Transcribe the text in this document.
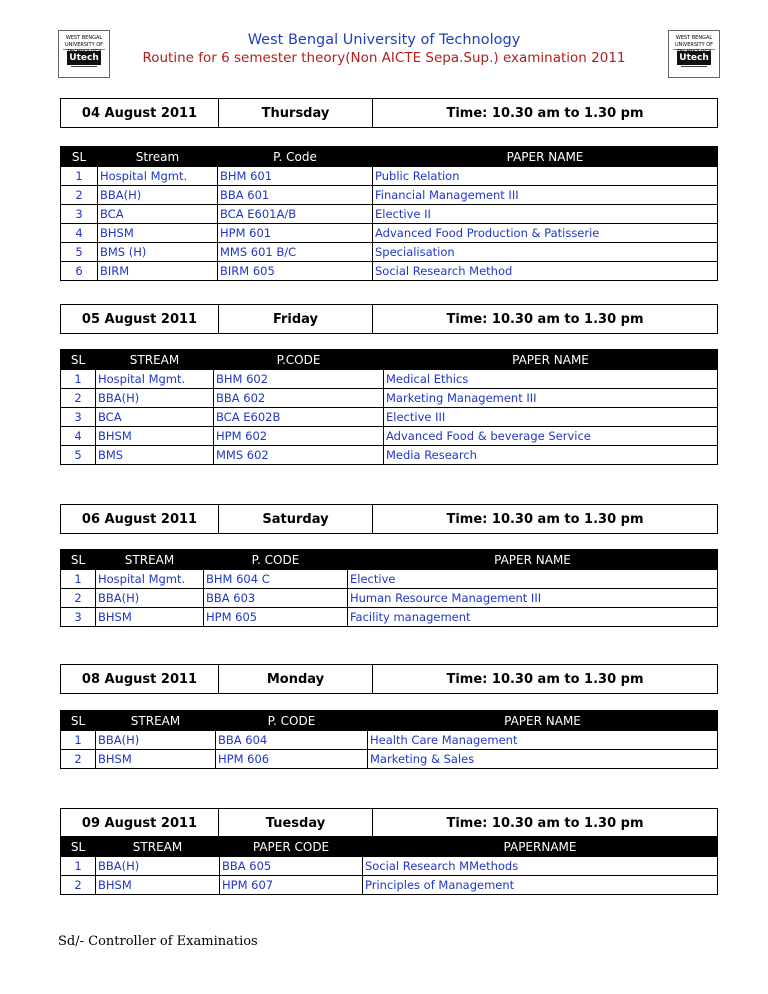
WEST BENGAL UNIVERSITY OF
Utech
WEST BENGAL UNIVERSITY OF
Utech
West Bengal University of Technology
Routine for 6 semester theory(Non AICTE Sepa.Sup.) examination 2011
04 August 2011	Thursday	Time: 10.30 am to 1.30 pm
SL	Stream	P. Code	PAPER NAME
1	Hospital Mgmt.	BHM 601	Public Relation
2	BBA(H)	BBA 601	Financial Management III
3	BCA	BCA E601A/B	Elective II
4	BHSM	HPM 601	Advanced Food Production & Patisserie
5	BMS (H)	MMS 601 B/C	Specialisation
6	BIRM	BIRM 605	Social Research Method
05 August 2011	Friday	Time: 10.30 am to 1.30 pm
SL	STREAM	P.CODE	PAPER NAME
1	Hospital Mgmt.	BHM 602	Medical Ethics
2	BBA(H)	BBA 602	Marketing Management III
3	BCA	BCA E602B	Elective III
4	BHSM	HPM 602	Advanced Food & beverage Service
5	BMS	MMS 602	Media Research
06 August 2011	Saturday	Time: 10.30 am to 1.30 pm
SL	STREAM	P. CODE	PAPER NAME
1	Hospital Mgmt.	BHM 604 C	Elective
2	BBA(H)	BBA 603	Human Resource Management III
3	BHSM	HPM 605	Facility management
08 August 2011	Monday	Time: 10.30 am to 1.30 pm
SL	STREAM	P. CODE	PAPER NAME
1	BBA(H)	BBA 604	Health Care Management
2	BHSM	HPM 606	Marketing & Sales
09 August 2011	Tuesday	Time: 10.30 am to 1.30 pm
SL	STREAM	PAPER CODE	PAPERNAME
1	BBA(H)	BBA 605	Social Research MMethods
2	BHSM	HPM 607	Principles of Management
Sd/- Controller of Examinatios
